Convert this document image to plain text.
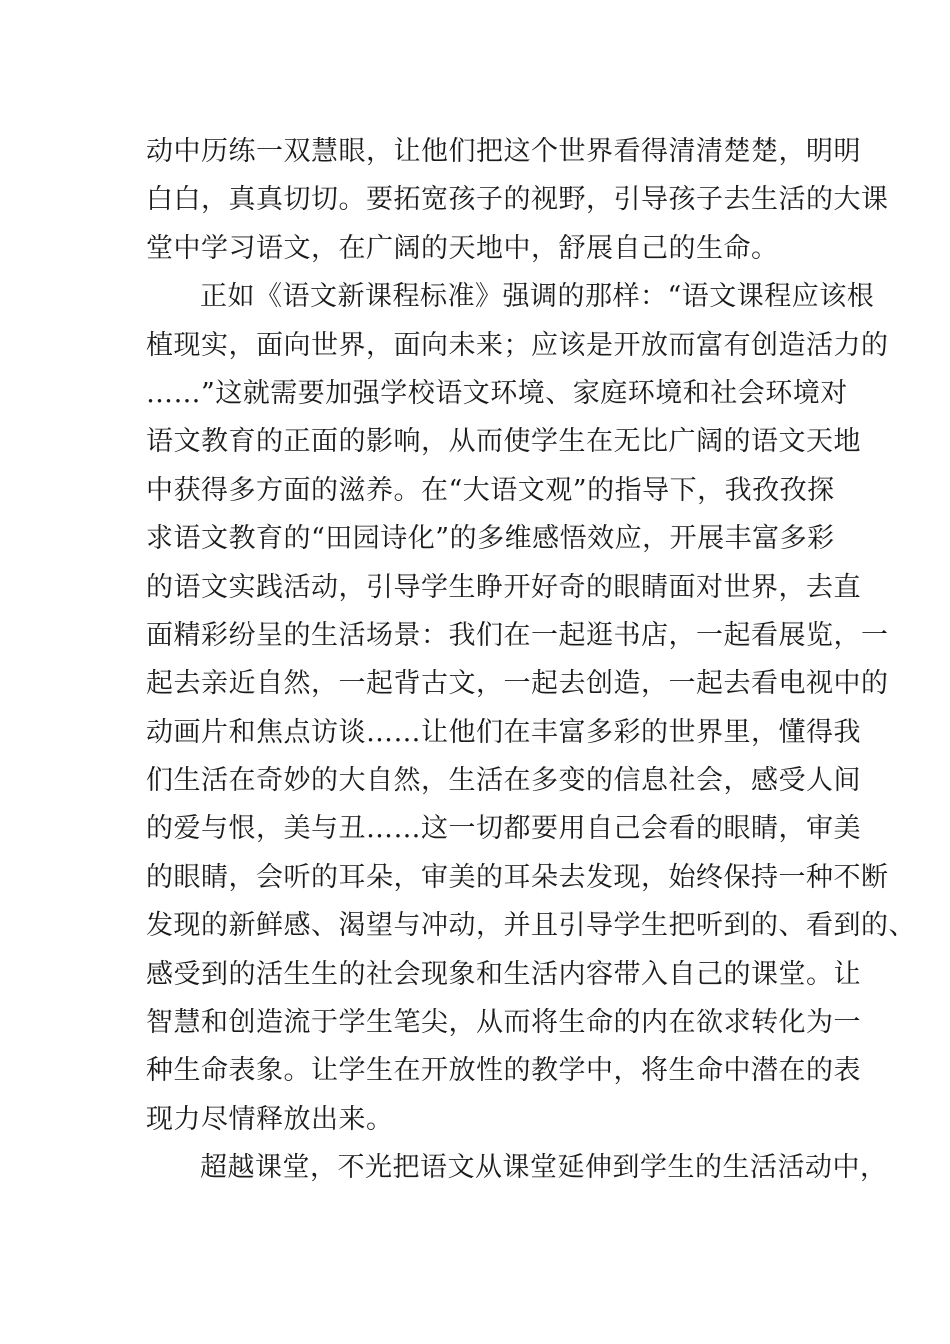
动中历练一双慧眼，让他们把这个世界看得清清楚楚，明明
白白，真真切切。要拓宽孩子的视野，引导孩子去生活的大课
堂中学习语文，在广阔的天地中，舒展自己的生命。
正如《语文新课程标准》强调的那样：“语文课程应该根
植现实，面向世界，面向未来；应该是开放而富有创造活力的
……”这就需要加强学校语文环境、家庭环境和社会环境对
语文教育的正面的影响，从而使学生在无比广阔的语文天地
中获得多方面的滋养。在“大语文观”的指导下，我孜孜探
求语文教育的“田园诗化”的多维感悟效应，开展丰富多彩
的语文实践活动，引导学生睁开好奇的眼睛面对世界，去直
面精彩纷呈的生活场景：我们在一起逛书店，一起看展览，一
起去亲近自然，一起背古文，一起去创造，一起去看电视中的
动画片和焦点访谈……让他们在丰富多彩的世界里，懂得我
们生活在奇妙的大自然，生活在多变的信息社会，感受人间
的爱与恨，美与丑……这一切都要用自己会看的眼睛，审美
的眼睛，会听的耳朵，审美的耳朵去发现，始终保持一种不断
发现的新鲜感、渴望与冲动，并且引导学生把听到的、看到的、
感受到的活生生的社会现象和生活内容带入自己的课堂。让
智慧和创造流于学生笔尖，从而将生命的内在欲求转化为一
种生命表象。让学生在开放性的教学中，将生命中潜在的表
现力尽情释放出来。
超越课堂，不光把语文从课堂延伸到学生的生活活动中，
